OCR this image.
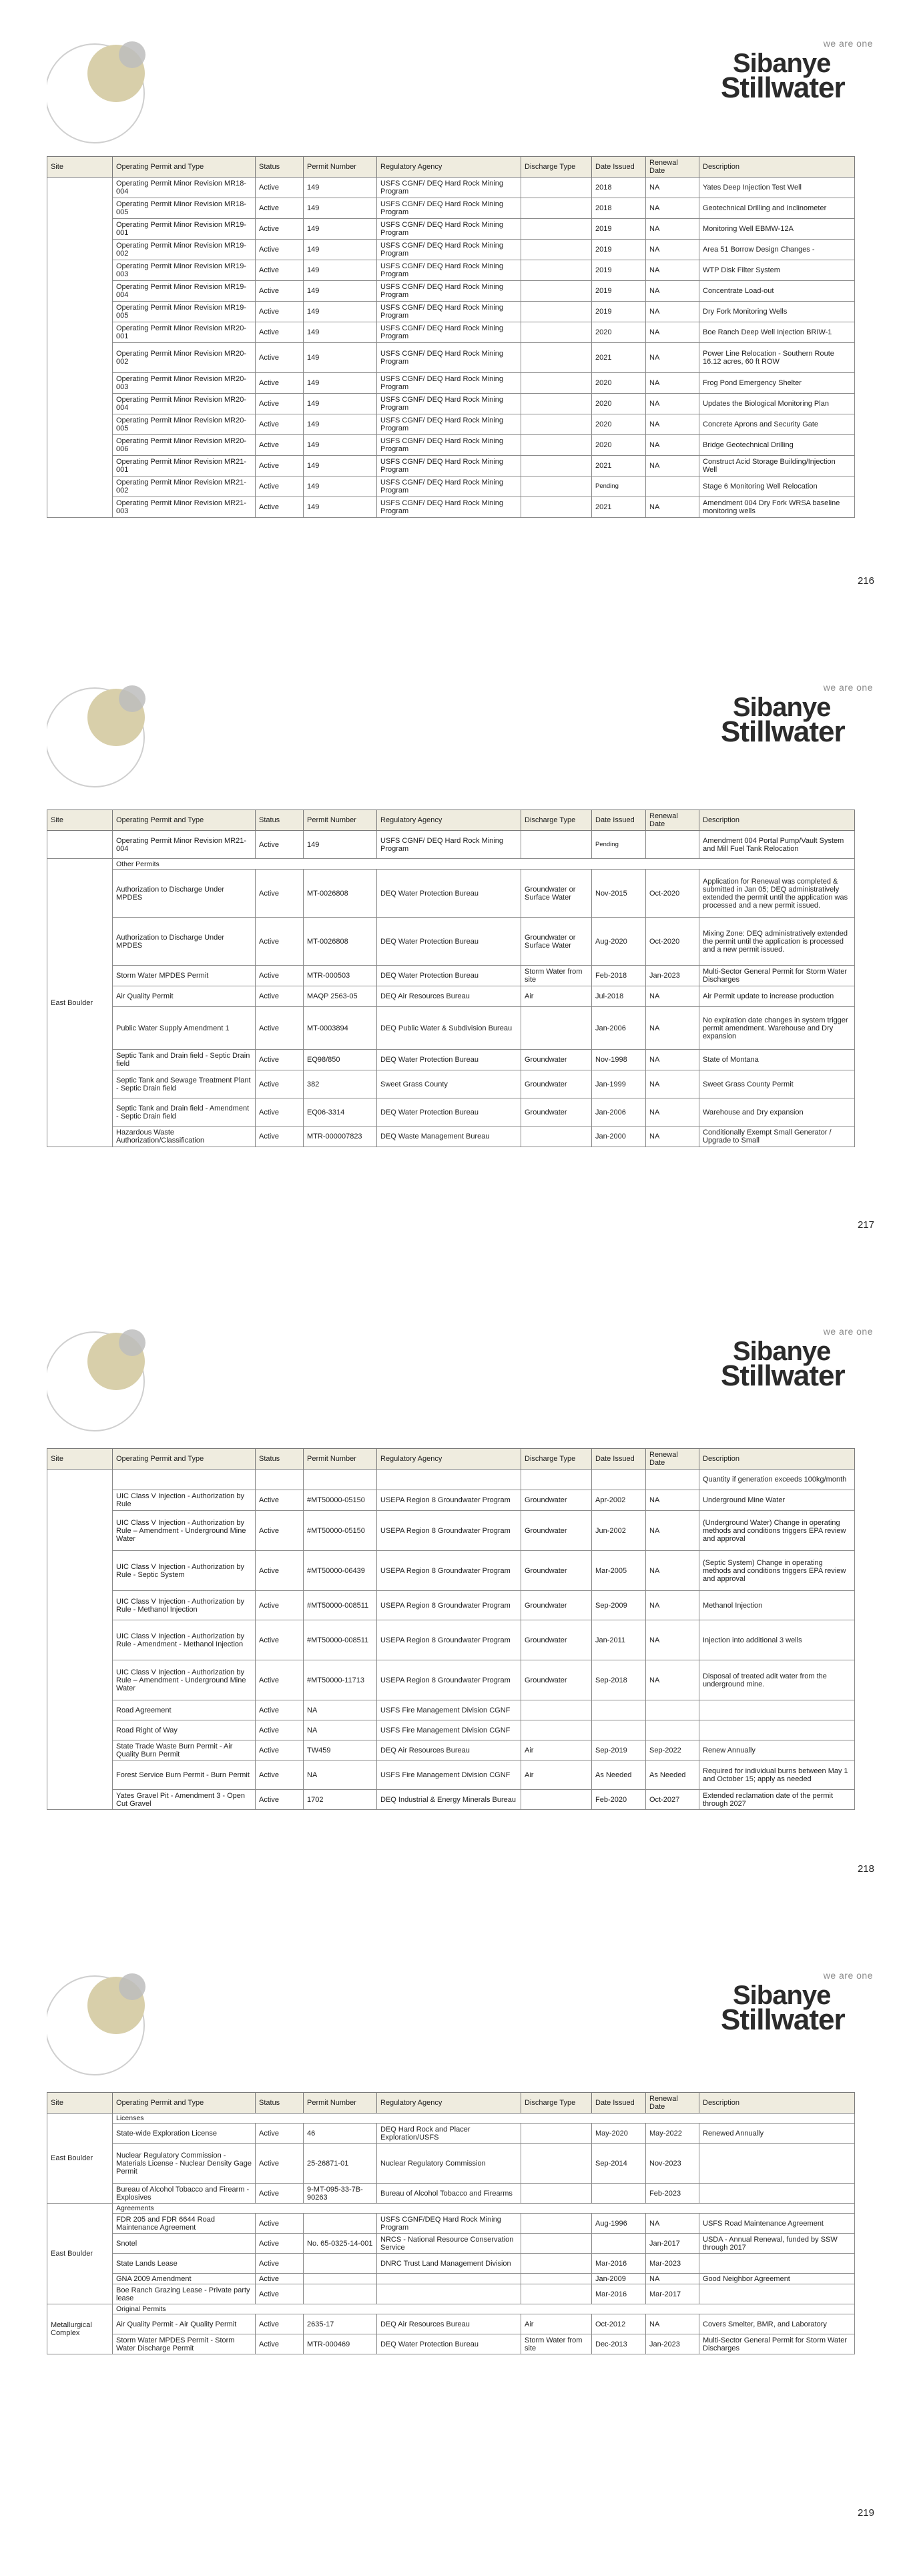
we are one
Sibanye
Stillwater
Site	Operating Permit and Type	Status	Permit Number	Regulatory Agency	Discharge Type	Date Issued	Renewal Date	Description
	Operating Permit Minor Revision MR18-004	Active	149	USFS CGNF/ DEQ Hard Rock Mining Program		2018	NA	Yates Deep Injection Test Well
	Operating Permit Minor Revision MR18-005	Active	149	USFS CGNF/ DEQ Hard Rock Mining Program		2018	NA	Geotechnical Drilling and Inclinometer
	Operating Permit Minor Revision MR19-001	Active	149	USFS CGNF/ DEQ Hard Rock Mining Program		2019	NA	Monitoring Well EBMW-12A
	Operating Permit Minor Revision MR19-002	Active	149	USFS CGNF/ DEQ Hard Rock Mining Program		2019	NA	Area 51 Borrow Design Changes -
	Operating Permit Minor Revision MR19-003	Active	149	USFS CGNF/ DEQ Hard Rock Mining Program		2019	NA	WTP Disk Filter System
	Operating Permit Minor Revision MR19-004	Active	149	USFS CGNF/ DEQ Hard Rock Mining Program		2019	NA	Concentrate Load-out
	Operating Permit Minor Revision MR19-005	Active	149	USFS CGNF/ DEQ Hard Rock Mining Program		2019	NA	Dry Fork Monitoring Wells
	Operating Permit Minor Revision MR20-001	Active	149	USFS CGNF/ DEQ Hard Rock Mining Program		2020	NA	Boe Ranch Deep Well Injection BRIW-1
	Operating Permit Minor Revision MR20-002	Active	149	USFS CGNF/ DEQ Hard Rock Mining Program		2021	NA	Power Line Relocation - Southern Route 16.12 acres, 60 ft ROW
	Operating Permit Minor Revision MR20-003	Active	149	USFS CGNF/ DEQ Hard Rock Mining Program		2020	NA	Frog Pond Emergency Shelter
	Operating Permit Minor Revision MR20-004	Active	149	USFS CGNF/ DEQ Hard Rock Mining Program		2020	NA	Updates the Biological Monitoring Plan
	Operating Permit Minor Revision MR20-005	Active	149	USFS CGNF/ DEQ Hard Rock Mining Program		2020	NA	Concrete Aprons and Security Gate
	Operating Permit Minor Revision MR20-006	Active	149	USFS CGNF/ DEQ Hard Rock Mining Program		2020	NA	Bridge Geotechnical Drilling
	Operating Permit Minor Revision MR21-001	Active	149	USFS CGNF/ DEQ Hard Rock Mining Program		2021	NA	Construct Acid Storage Building/Injection Well
	Operating Permit Minor Revision MR21-002	Active	149	USFS CGNF/ DEQ Hard Rock Mining Program		Pending		Stage 6 Monitoring Well Relocation
	Operating Permit Minor Revision MR21-003	Active	149	USFS CGNF/ DEQ Hard Rock Mining Program		2021	NA	Amendment 004 Dry Fork WRSA baseline monitoring wells
216
we are one
Sibanye
Stillwater
Site	Operating Permit and Type	Status	Permit Number	Regulatory Agency	Discharge Type	Date Issued	Renewal Date	Description
	Operating Permit Minor Revision MR21-004	Active	149	USFS CGNF/ DEQ Hard Rock Mining Program		Pending		Amendment 004 Portal Pump/Vault System and Mill Fuel Tank Relocation
East Boulder	Other Permits							
	Authorization to Discharge Under MPDES	Active	MT-0026808	DEQ Water Protection Bureau	Groundwater or Surface Water	Nov-2015	Oct-2020	Application for Renewal was completed & submitted in Jan 05; DEQ administratively extended the permit until the application was processed and a new permit issued.
	Authorization to Discharge Under MPDES	Active	MT-0026808	DEQ Water Protection Bureau	Groundwater or Surface Water	Aug-2020	Oct-2020	Mixing Zone: DEQ administratively extended the permit until the application is processed and a new permit issued.
	Storm Water MPDES Permit	Active	MTR-000503	DEQ Water Protection Bureau	Storm Water from site	Feb-2018	Jan-2023	Multi-Sector General Permit for Storm Water Discharges
	Air Quality Permit	Active	MAQP 2563-05	DEQ Air Resources Bureau	Air	Jul-2018	NA	Air Permit update to increase production
	Public Water Supply Amendment 1	Active	MT-0003894	DEQ Public Water & Subdivision Bureau		Jan-2006	NA	No expiration date changes in system trigger permit amendment. Warehouse and Dry expansion
	Septic Tank and Drain field - Septic Drain field	Active	EQ98/850	DEQ Water Protection Bureau	Groundwater	Nov-1998	NA	State of Montana
	Septic Tank and Sewage Treatment Plant - Septic Drain field	Active	382	Sweet Grass County	Groundwater	Jan-1999	NA	Sweet Grass County Permit
	Septic Tank and Drain field - Amendment - Septic Drain field	Active	EQ06-3314	DEQ Water Protection Bureau	Groundwater	Jan-2006	NA	Warehouse and Dry expansion
	Hazardous Waste Authorization/Classification	Active	MTR-000007823	DEQ Waste Management Bureau		Jan-2000	NA	Conditionally Exempt Small Generator / Upgrade to Small
217
we are one
Sibanye
Stillwater
Site	Operating Permit and Type	Status	Permit Number	Regulatory Agency	Discharge Type	Date Issued	Renewal Date	Description
								Quantity if generation exceeds 100kg/month
	UIC Class V Injection - Authorization by Rule	Active	#MT50000-05150	USEPA Region 8 Groundwater Program	Groundwater	Apr-2002	NA	Underground Mine Water
	UIC Class V Injection - Authorization by Rule – Amendment - Underground Mine Water	Active	#MT50000-05150	USEPA Region 8 Groundwater Program	Groundwater	Jun-2002	NA	(Underground Water) Change in operating methods and conditions triggers EPA review and approval
	UIC Class V Injection - Authorization by Rule - Septic System	Active	#MT50000-06439	USEPA Region 8 Groundwater Program	Groundwater	Mar-2005	NA	(Septic System) Change in operating methods and conditions triggers EPA review and approval
	UIC Class V Injection - Authorization by Rule - Methanol Injection	Active	#MT50000-008511	USEPA Region 8 Groundwater Program	Groundwater	Sep-2009	NA	Methanol Injection
	UIC Class V Injection - Authorization by Rule - Amendment - Methanol Injection	Active	#MT50000-008511	USEPA Region 8 Groundwater Program	Groundwater	Jan-2011	NA	Injection into additional 3 wells
	UIC Class V Injection - Authorization by Rule – Amendment - Underground Mine Water	Active	#MT50000-11713	USEPA Region 8 Groundwater Program	Groundwater	Sep-2018	NA	Disposal of treated adit water from the underground mine.
	Road Agreement	Active	NA	USFS Fire Management Division CGNF				
	Road Right of Way	Active	NA	USFS Fire Management Division CGNF				
	State Trade Waste Burn Permit - Air Quality Burn Permit	Active	TW459	DEQ Air Resources Bureau	Air	Sep-2019	Sep-2022	Renew Annually
	Forest Service Burn Permit - Burn Permit	Active	NA	USFS Fire Management Division CGNF	Air	As Needed	As Needed	Required for individual burns between May 1 and October 15; apply as needed
	Yates Gravel Pit - Amendment 3 - Open Cut Gravel	Active	1702	DEQ Industrial & Energy Minerals Bureau		Feb-2020	Oct-2027	Extended reclamation date of the permit through 2027
218
we are one
Sibanye
Stillwater
Site	Operating Permit and Type	Status	Permit Number	Regulatory Agency	Discharge Type	Date Issued	Renewal Date	Description
East Boulder	Licenses							
	State-wide Exploration License	Active	46	DEQ Hard Rock and Placer Exploration/USFS		May-2020	May-2022	Renewed Annually
	Nuclear Regulatory Commission - Materials License - Nuclear Density Gage Permit	Active	25-26871-01	Nuclear Regulatory Commission		Sep-2014	Nov-2023	
	Bureau of Alcohol Tobacco and Firearm - Explosives	Active	9-MT-095-33-7B-90263	Bureau of Alcohol Tobacco and Firearms			Feb-2023	
East Boulder	Agreements							
	FDR 205 and FDR 6644 Road Maintenance Agreement	Active		USFS CGNF/DEQ Hard Rock Mining Program		Aug-1996	NA	USFS Road Maintenance Agreement
	Snotel	Active	No. 65-0325-14-001	NRCS - National Resource Conservation Service			Jan-2017	USDA - Annual Renewal, funded by SSW through 2017
	State Lands Lease	Active		DNRC Trust Land Management Division		Mar-2016	Mar-2023	
	GNA 2009 Amendment	Active				Jan-2009	NA	Good Neighbor Agreement
	Boe Ranch Grazing Lease - Private party lease	Active				Mar-2016	Mar-2017	
Metallurgical Complex	Original Permits							
	Air Quality Permit - Air Quality Permit	Active	2635-17	DEQ Air Resources Bureau	Air	Oct-2012	NA	Covers Smelter, BMR, and Laboratory
	Storm Water MPDES Permit - Storm Water Discharge Permit	Active	MTR-000469	DEQ Water Protection Bureau	Storm Water from site	Dec-2013	Jan-2023	Multi-Sector General Permit for Storm Water Discharges
219
